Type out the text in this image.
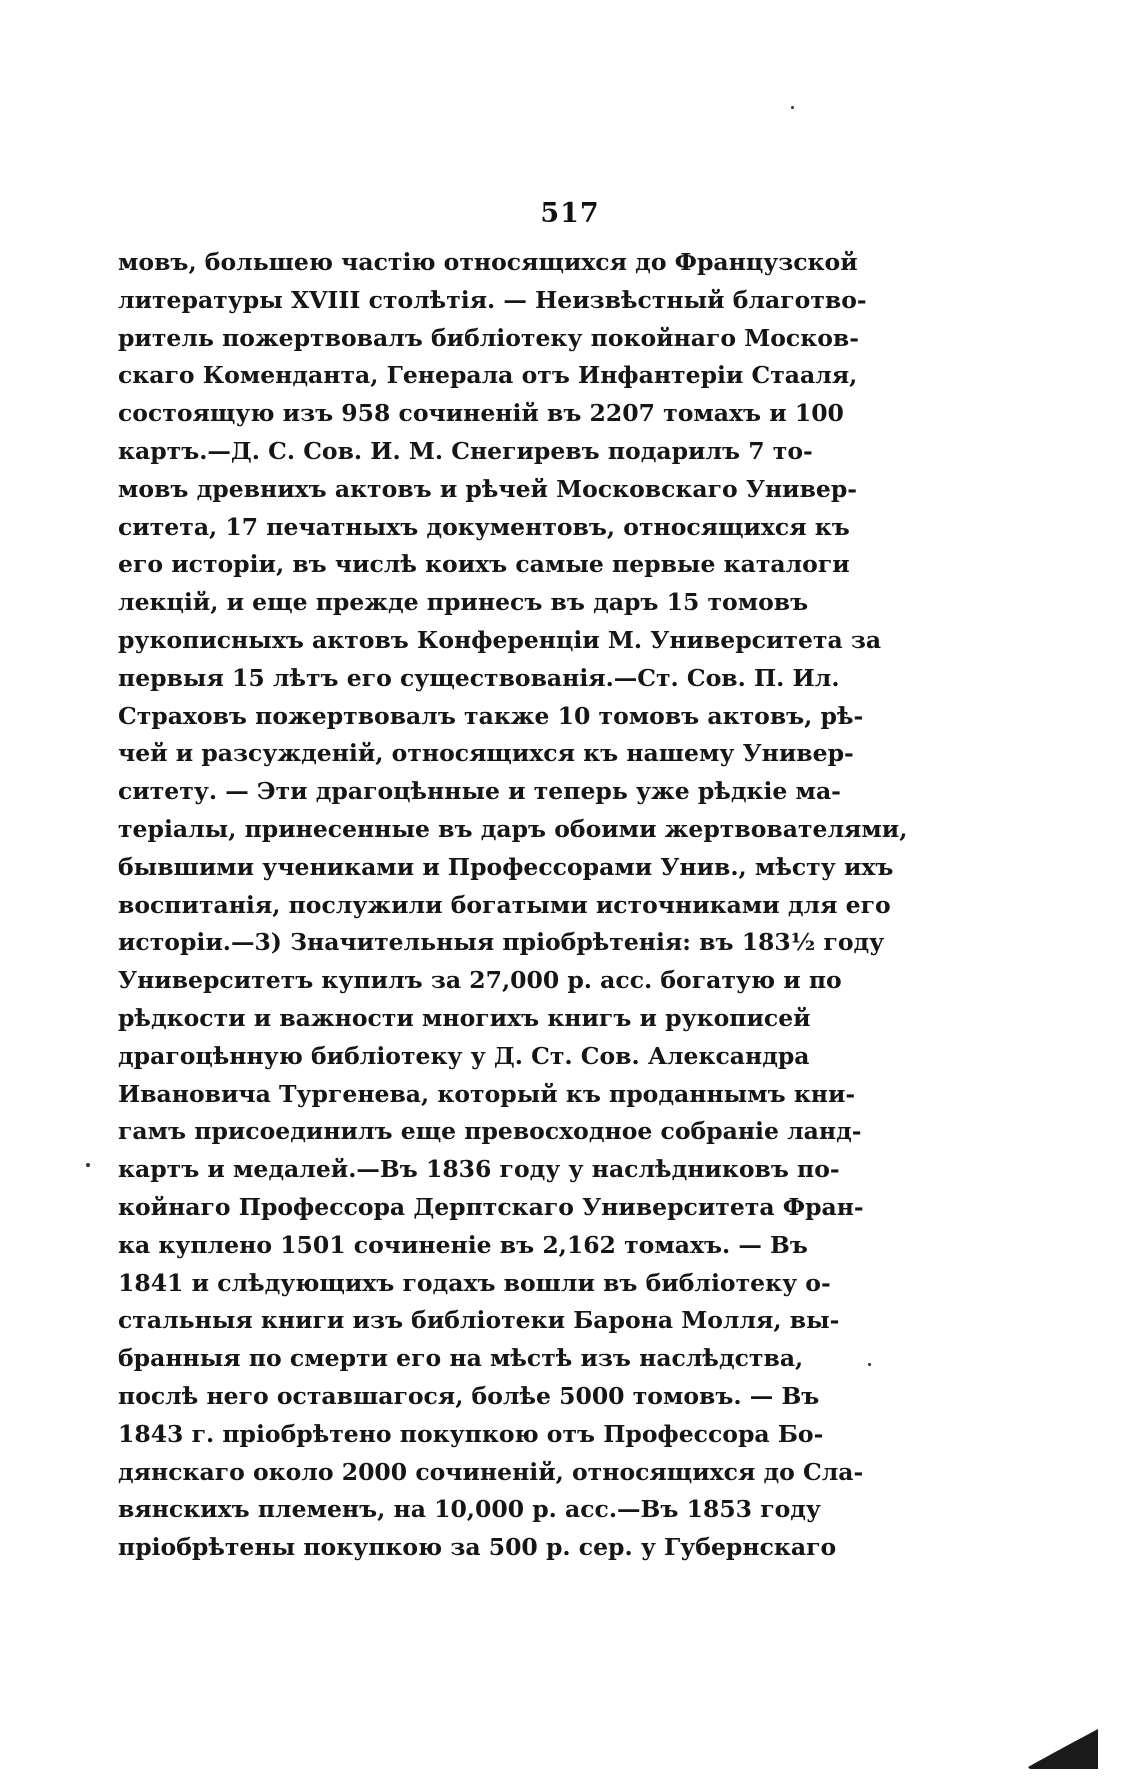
517
мовъ, большею частію относящихся до Французской
литературы XVIII столѣтія. — Неизвѣстный благотво-
ритель пожертвовалъ библіотеку покойнаго Москов-
скаго Коменданта, Генерала отъ Инфантеріи Стааля,
состоящую изъ 958 сочиненій въ 2207 томахъ и 100
картъ.—Д. С. Сов. И. М. Снегиревъ подарилъ 7 то-
мовъ древнихъ актовъ и рѣчей Московскаго Универ-
ситета, 17 печатныхъ документовъ, относящихся къ
его исторіи, въ числѣ коихъ самые первые каталоги
лекцій, и еще прежде принесъ въ даръ 15 томовъ
рукописныхъ актовъ Конференціи М. Университета за
первыя 15 лѣтъ его существованія.—Ст. Сов. П. Ил.
Страховъ пожертвовалъ также 10 томовъ актовъ, рѣ-
чей и разсужденій, относящихся къ нашему Универ-
ситету. — Эти драгоцѣнные и теперь уже рѣдкіе ма-
теріалы, принесенные въ даръ обоими жертвователями,
бывшими учениками и Профессорами Унив., мѣсту ихъ
воспитанія, послужили богатыми источниками для его
исторіи.—3) Значительныя пріобрѣтенія: въ 183½ году
Университетъ купилъ за 27,000 р. асс. богатую и по
рѣдкости и важности многихъ книгъ и рукописей
драгоцѣнную библіотеку у Д. Ст. Сов. Александра
Ивановича Тургенева, который къ проданнымъ кни-
гамъ присоединилъ еще превосходное собраніе ланд-
картъ и медалей.—Въ 1836 году у наслѣдниковъ по-
койнаго Профессора Дерптскаго Университета Фран-
ка куплено 1501 сочиненіе въ 2,162 томахъ. — Въ
1841 и слѣдующихъ годахъ вошли въ библіотеку о-
стальныя книги изъ библіотеки Барона Молля, вы-
бранныя по смерти его на мѣстѣ изъ наслѣдства,
послѣ него оставшагося, болѣе 5000 томовъ. — Въ
1843 г. пріобрѣтено покупкою отъ Профессора Бо-
дянскаго около 2000 сочиненій, относящихся до Сла-
вянскихъ племенъ, на 10,000 р. асс.—Въ 1853 году
пріобрѣтены покупкою за 500 р. сер. у Губернскаго
